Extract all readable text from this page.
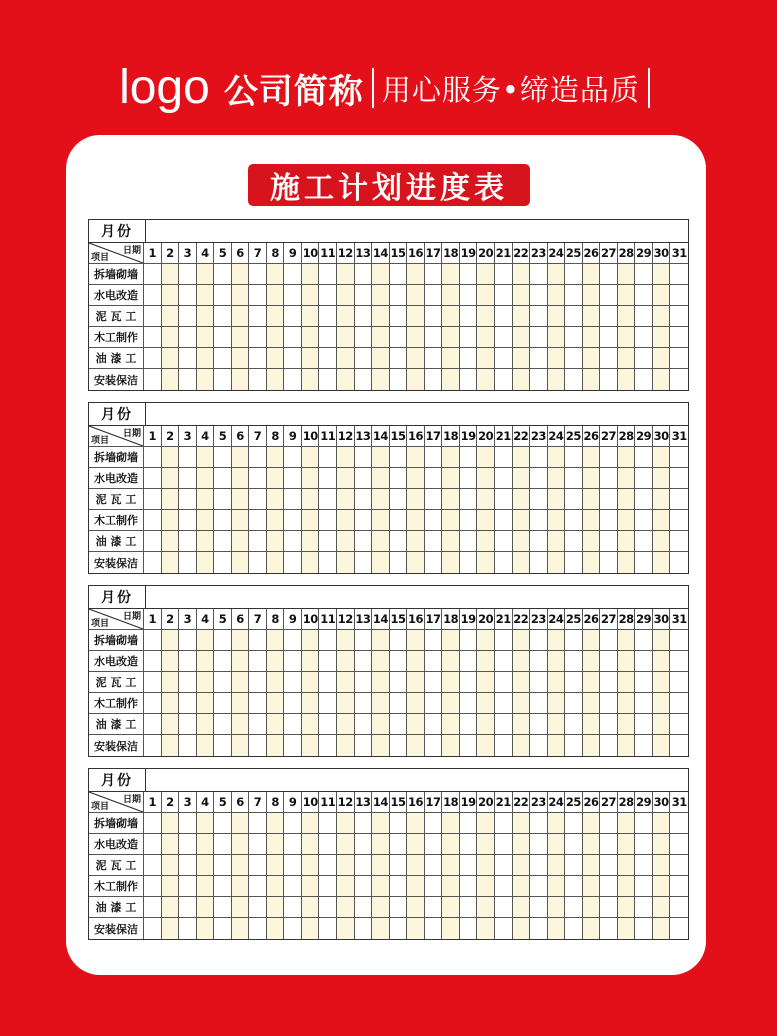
logo 公司简称 用心服务•缔造品质
施工计划进度表
月份
日期
项目	1 2 3 4 5 6 7 8 9 10 11 12 13 14 15 16 17 18 19 20 21 22 23 24 25 26 27 28 29 30 31
拆墙砌墙
水电改造
泥 瓦 工
木工制作
油 漆 工
安装保洁
月份
日期
项目	1 2 3 4 5 6 7 8 9 10 11 12 13 14 15 16 17 18 19 20 21 22 23 24 25 26 27 28 29 30 31
拆墙砌墙
水电改造
泥 瓦 工
木工制作
油 漆 工
安装保洁
月份
日期
项目	1 2 3 4 5 6 7 8 9 10 11 12 13 14 15 16 17 18 19 20 21 22 23 24 25 26 27 28 29 30 31
拆墙砌墙
水电改造
泥 瓦 工
木工制作
油 漆 工
安装保洁
月份
日期
项目	1 2 3 4 5 6 7 8 9 10 11 12 13 14 15 16 17 18 19 20 21 22 23 24 25 26 27 28 29 30 31
拆墙砌墙
水电改造
泥 瓦 工
木工制作
油 漆 工
安装保洁
